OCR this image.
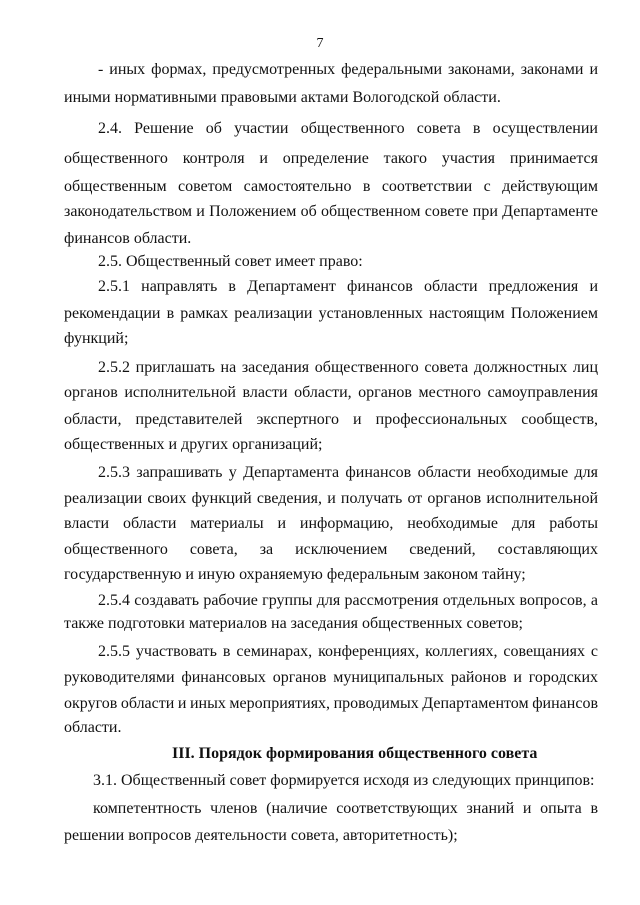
7
- иных формах, предусмотренных федеральными законами, законами и
иными нормативными правовыми актами Вологодской области.
2.4. Решение об участии общественного совета в осуществлении
общественного контроля и определение такого участия принимается
общественным советом самостоятельно в соответствии с действующим
законодательством и Положением об общественном совете при Департаменте
финансов области.
2.5. Общественный совет имеет право:
2.5.1 направлять в Департамент финансов области предложения и
рекомендации в рамках реализации установленных настоящим Положением
функций;
2.5.2 приглашать на заседания общественного совета должностных лиц
органов исполнительной власти области, органов местного самоуправления
области, представителей экспертного и профессиональных сообществ,
общественных и других организаций;
2.5.3 запрашивать у Департамента финансов области необходимые для
реализации своих функций сведения, и получать от органов исполнительной
власти области материалы и информацию, необходимые для работы
общественного совета, за исключением сведений, составляющих
государственную и иную охраняемую федеральным законом тайну;
2.5.4 создавать рабочие группы для рассмотрения отдельных вопросов, а
также подготовки материалов на заседания общественных советов;
2.5.5 участвовать в семинарах, конференциях, коллегиях, совещаниях с
руководителями финансовых органов муниципальных районов и городских
округов области и иных мероприятиях, проводимых Департаментом финансов
области.
III. Порядок формирования общественного совета
3.1. Общественный совет формируется исходя из следующих принципов:
компетентность членов (наличие соответствующих знаний и опыта в
решении вопросов деятельности совета, авторитетность);
